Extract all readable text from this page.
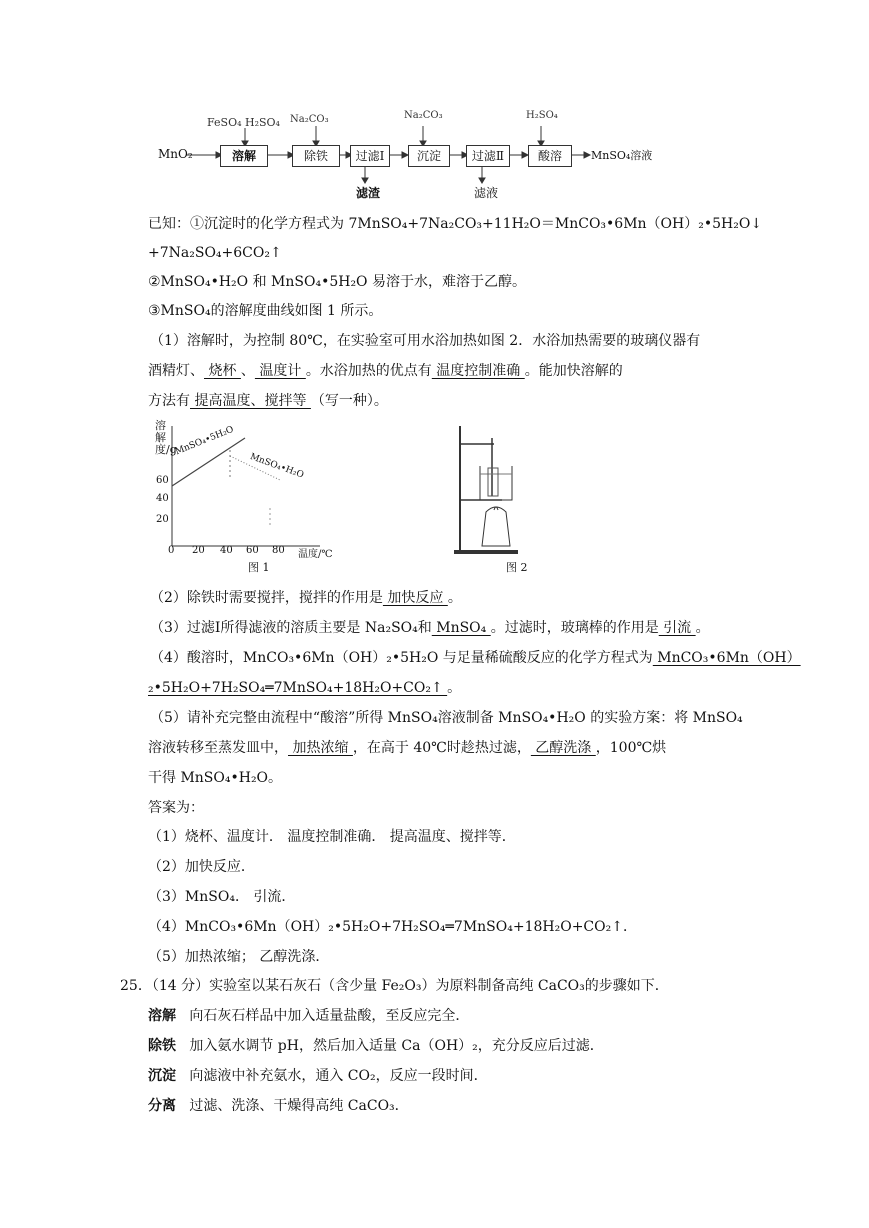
MnO₂
FeSO₄ H₂SO₄ Na₂CO₃	Na₂CO₃	H₂SO₄
溶解	除铁	过滤Ⅰ	沉淀	过滤Ⅱ	酸溶	MnSO₄溶液
滤渣	滤液
已知：①沉淀时的化学方程式为 7MnSO₄+7Na₂CO₃+11H₂O＝MnCO₃•6Mn（OH）₂•5H₂O↓
+7Na₂SO₄+6CO₂↑
②MnSO₄•H₂O 和 MnSO₄•5H₂O 易溶于水，难溶于乙醇。
③MnSO₄的溶解度曲线如图 1 所示。
（1）溶解时，为控制 80℃，在实验室可用水浴加热如图 2．水浴加热需要的玻璃仪器有
酒精灯、 烧杯 、 温度计 。水浴加热的优点有 温度控制准确 。能加快溶解的
方法有 提高温度、搅拌等 （写一种）。
溶解度/g
60
40
20
0 20 40 60 80 温度/℃
MnSO₄•5H₂O
MnSO₄•H₂O
图 1	图 2
（2）除铁时需要搅拌，搅拌的作用是 加快反应 。
（3）过滤Ⅰ所得滤液的溶质主要是 Na₂SO₄和 MnSO₄ 。过滤时，玻璃棒的作用是 引流 。
（4）酸溶时，MnCO₃•6Mn（OH）₂•5H₂O 与足量稀硫酸反应的化学方程式为 MnCO₃•6Mn（OH）
₂•5H₂O+7H₂SO₄═7MnSO₄+18H₂O+CO₂↑ 。
（5）请补充完整由流程中“酸溶”所得 MnSO₄溶液制备 MnSO₄•H₂O 的实验方案：将 MnSO₄
溶液转移至蒸发皿中， 加热浓缩 ，在高于 40℃时趁热过滤， 乙醇洗涤 ，100℃烘
干得 MnSO₄•H₂O。
答案为：
（1）烧杯、温度计． 温度控制准确． 提高温度、搅拌等．
（2）加快反应．
（3）MnSO₄． 引流．
（4）MnCO₃•6Mn（OH）₂•5H₂O+7H₂SO₄═7MnSO₄+18H₂O+CO₂↑．
（5）加热浓缩； 乙醇洗涤．
25．（14 分）实验室以某石灰石（含少量 Fe₂O₃）为原料制备高纯 CaCO₃的步骤如下．
溶解 向石灰石样品中加入适量盐酸，至反应完全．
除铁 加入氨水调节 pH，然后加入适量 Ca（OH）₂，充分反应后过滤．
沉淀 向滤液中补充氨水，通入 CO₂，反应一段时间．
分离 过滤、洗涤、干燥得高纯 CaCO₃．
